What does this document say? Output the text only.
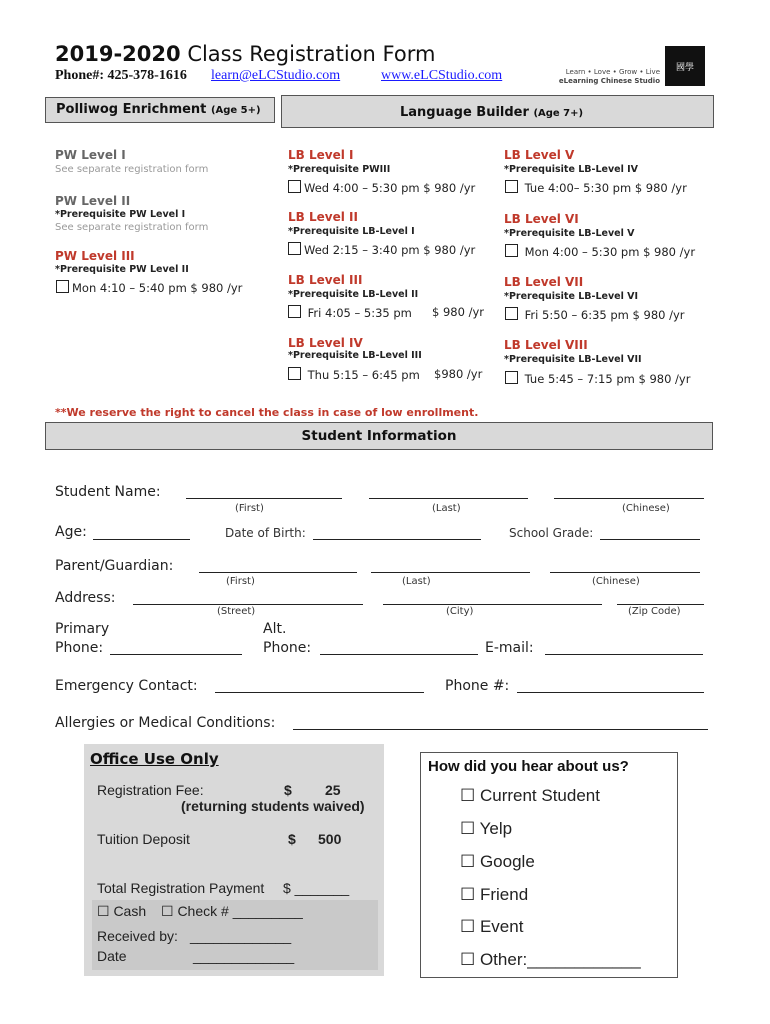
2019-2020 Class Registration Form
Phone#: 425-378-1616 learn@eLCStudio.com	www.eLCStudio.com	Learn • Love • Grow • Live
eLearning Chinese Studio
國學
Polliwog Enrichment (Age 5+)	Language Builder (Age 7+)
PW Level I
See separate registration form
PW Level II
*Prerequisite PW Level I
See separate registration form
PW Level III
*Prerequisite PW Level II
Mon 4:10 – 5:40 pm $ 980 /yr
LB Level I
*Prerequisite PWIII
Wed 4:00 – 5:30 pm $ 980 /yr
LB Level II
*Prerequisite LB-Level I
Wed 2:15 – 3:40 pm $ 980 /yr
LB Level III
*Prerequisite LB-Level II
Fri 4:05 – 5:35 pm $ 980 /yr
LB Level IV
*Prerequisite LB-Level III
Thu 5:15 – 6:45 pm $980 /yr
LB Level V
*Prerequisite LB-Level IV
Tue 4:00– 5:30 pm $ 980 /yr
LB Level VI
*Prerequisite LB-Level V
Mon 4:00 – 5:30 pm $ 980 /yr
LB Level VII
*Prerequisite LB-Level VI
Fri 5:50 – 6:35 pm $ 980 /yr
LB Level VIII
*Prerequisite LB-Level VII
Tue 5:45 – 7:15 pm $ 980 /yr
**We reserve the right to cancel the class in case of low enrollment.
Student Information
Student Name:
(First)	(Last)	(Chinese)
Age:	Date of Birth:	School Grade:
Parent/Guardian:
(First)	(Last)	(Chinese)
Address:
(Street)	(City)	(Zip Code)
Primary
Phone:
Alt.
Phone:	E-mail:
Emergency Contact:	Phone #:
Allergies or Medical Conditions:
Office Use Only
Registration Fee:	$ 25
(returning students waived)
Tuition Deposit	$ 500
Total Registration Payment $ _______
☐ Cash ☐ Check # _________
Received by: _____________
Date	_____________
How did you hear about us?
☐ Current Student
☐ Yelp
☐ Google
☐ Friend
☐ Event
☐ Other:____________
